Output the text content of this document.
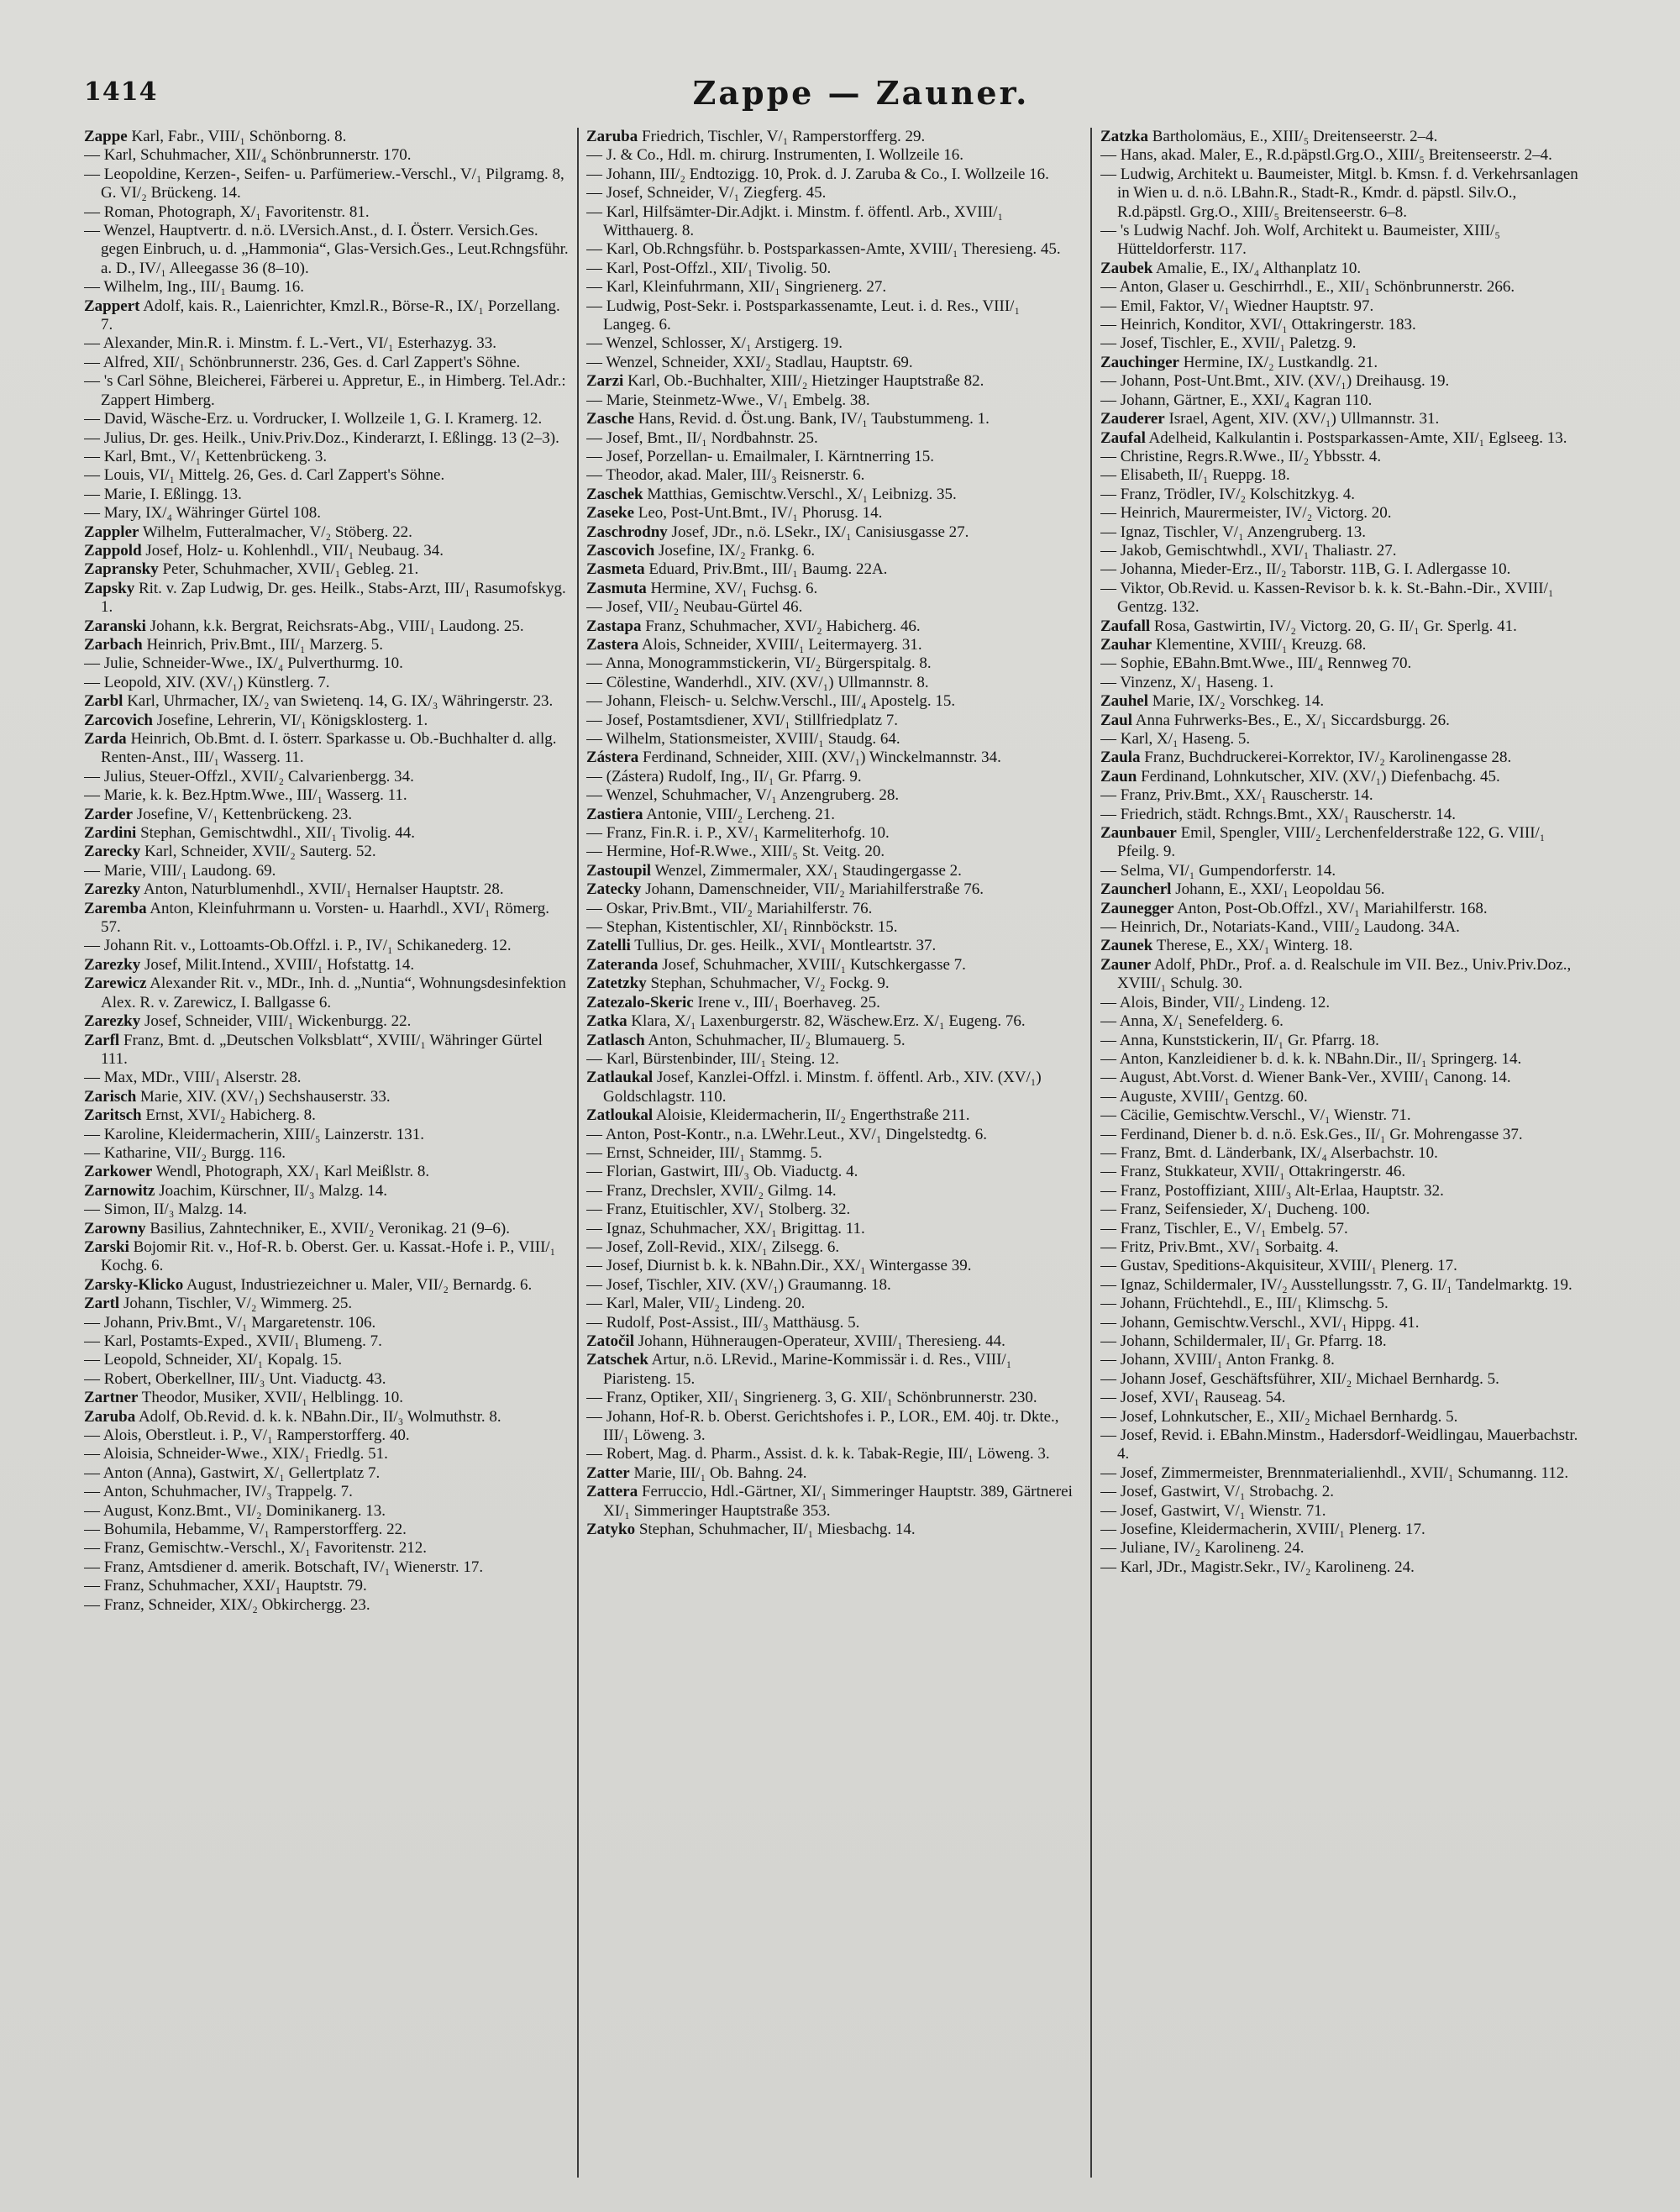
1414	Zappe — Zauner.
Zappe Karl, Fabr., VIII/₁ Schönborng. 8.
— Karl, Schuhmacher, XII/₄ Schönbrunnerstr. 170.
— Leopoldine, Kerzen-, Seifen- u. Parfümeriew.-Verschl., V/₁ Pilgramg. 8, G. VI/₂ Brückeng. 14.
— Roman, Photograph, X/₁ Favoritenstr. 81.
— Wenzel, Hauptvertr. d. n.ö. LVersich.Anst., d. I. Österr. Versich.Ges. gegen Einbruch, u. d. „Hammonia“, Glas-Versich.Ges., Leut.Rchngsführ. a. D., IV/₁ Alleegasse 36 (8–10).
— Wilhelm, Ing., III/₁ Baumg. 16.
Zappert Adolf, kais. R., Laienrichter, Kmzl.R., Börse-R., IX/₁ Porzellang. 7.
— Alexander, Min.R. i. Minstm. f. L.-Vert., VI/₁ Esterhazyg. 33.
— Alfred, XII/₁ Schönbrunnerstr. 236, Ges. d. Carl Zappert's Söhne.
— 's Carl Söhne, Bleicherei, Färberei u. Appretur, E., in Himberg. Tel.Adr.: Zappert Himberg.
— David, Wäsche-Erz. u. Vordrucker, I. Wollzeile 1, G. I. Kramerg. 12.
— Julius, Dr. ges. Heilk., Univ.Priv.Doz., Kinderarzt, I. Eßlingg. 13 (2–3).
— Karl, Bmt., V/₁ Kettenbrückeng. 3.
— Louis, VI/₁ Mittelg. 26, Ges. d. Carl Zappert's Söhne.
— Marie, I. Eßlingg. 13.
— Mary, IX/₄ Währinger Gürtel 108.
Zappler Wilhelm, Futteralmacher, V/₂ Stöberg. 22.
Zappold Josef, Holz- u. Kohlenhdl., VII/₁ Neubaug. 34.
Zapransky Peter, Schuhmacher, XVII/₁ Gebleg. 21.
Zapsky Rit. v. Zap Ludwig, Dr. ges. Heilk., Stabs-Arzt, III/₁ Rasumofskyg. 1.
Zaranski Johann, k.k. Bergrat, Reichsrats-Abg., VIII/₁ Laudong. 25.
Zarbach Heinrich, Priv.Bmt., III/₁ Marzerg. 5.
— Julie, Schneider-Wwe., IX/₄ Pulverthurmg. 10.
— Leopold, XIV. (XV/₁) Künstlerg. 7.
Zarbl Karl, Uhrmacher, IX/₂ van Swietenq. 14, G. IX/₃ Währingerstr. 23.
Zarcovich Josefine, Lehrerin, VI/₁ Königsklosterg. 1.
Zarda Heinrich, Ob.Bmt. d. I. österr. Sparkasse u. Ob.-Buchhalter d. allg. Renten-Anst., III/₁ Wasserg. 11.
— Julius, Steuer-Offzl., XVII/₂ Calvarienbergg. 34.
— Marie, k. k. Bez.Hptm.Wwe., III/₁ Wasserg. 11.
Zarder Josefine, V/₁ Kettenbrückeng. 23.
Zardini Stephan, Gemischtwdhl., XII/₁ Tivolig. 44.
Zarecky Karl, Schneider, XVII/₂ Sauterg. 52.
— Marie, VIII/₁ Laudong. 69.
Zarezky Anton, Naturblumenhdl., XVII/₁ Hernalser Hauptstr. 28.
Zaremba Anton, Kleinfuhrmann u. Vorsten- u. Haarhdl., XVI/₁ Römerg. 57.
— Johann Rit. v., Lottoamts-Ob.Offzl. i. P., IV/₁ Schikanederg. 12.
Zarezky Josef, Milit.Intend., XVIII/₁ Hofstattg. 14.
Zarewicz Alexander Rit. v., MDr., Inh. d. „Nuntia“, Wohnungsdesinfektion Alex. R. v. Zarewicz, I. Ballgasse 6.
Zarezky Josef, Schneider, VIII/₁ Wickenburgg. 22.
Zarfl Franz, Bmt. d. „Deutschen Volksblatt“, XVIII/₁ Währinger Gürtel 111.
— Max, MDr., VIII/₁ Alserstr. 28.
Zarisch Marie, XIV. (XV/₁) Sechshauserstr. 33.
Zaritsch Ernst, XVI/₂ Habicherg. 8.
— Karoline, Kleidermacherin, XIII/₅ Lainzerstr. 131.
— Katharine, VII/₂ Burgg. 116.
Zarkower Wendl, Photograph, XX/₁ Karl Meißlstr. 8.
Zarnowitz Joachim, Kürschner, II/₃ Malzg. 14.
— Simon, II/₃ Malzg. 14.
Zarowny Basilius, Zahntechniker, E., XVII/₂ Veronikag. 21 (9–6).
Zarski Bojomir Rit. v., Hof-R. b. Oberst. Ger. u. Kassat.-Hofe i. P., VIII/₁ Kochg. 6.
Zarsky-Klicko August, Industriezeichner u. Maler, VII/₂ Bernardg. 6.
Zartl Johann, Tischler, V/₂ Wimmerg. 25.
— Johann, Priv.Bmt., V/₁ Margaretenstr. 106.
— Karl, Postamts-Exped., XVII/₁ Blumeng. 7.
— Leopold, Schneider, XI/₁ Kopalg. 15.
— Robert, Oberkellner, III/₃ Unt. Viaductg. 43.
Zartner Theodor, Musiker, XVII/₁ Helblingg. 10.
Zaruba Adolf, Ob.Revid. d. k. k. NBahn.Dir., II/₃ Wolmuthstr. 8.
— Alois, Oberstleut. i. P., V/₁ Ramperstorfferg. 40.
— Aloisia, Schneider-Wwe., XIX/₁ Friedlg. 51.
— Anton (Anna), Gastwirt, X/₁ Gellertplatz 7.
— Anton, Schuhmacher, IV/₃ Trappelg. 7.
— August, Konz.Bmt., VI/₂ Dominikanerg. 13.
— Bohumila, Hebamme, V/₁ Ramperstorfferg. 22.
— Franz, Gemischtw.-Verschl., X/₁ Favoritenstr. 212.
— Franz, Amtsdiener d. amerik. Botschaft, IV/₁ Wienerstr. 17.
— Franz, Schuhmacher, XXI/₁ Hauptstr. 79.
— Franz, Schneider, XIX/₂ Obkirchergg. 23.
Zaruba Friedrich, Tischler, V/₁ Ramperstorfferg. 29.
— J. & Co., Hdl. m. chirurg. Instrumenten, I. Wollzeile 16.
— Johann, III/₂ Endtozigg. 10, Prok. d. J. Zaruba & Co., I. Wollzeile 16.
— Josef, Schneider, V/₁ Ziegferg. 45.
— Karl, Hilfsämter-Dir.Adjkt. i. Minstm. f. öffentl. Arb., XVIII/₁ Witthauerg. 8.
— Karl, Ob.Rchngsführ. b. Postsparkassen-Amte, XVIII/₁ Theresieng. 45.
— Karl, Post-Offzl., XII/₁ Tivolig. 50.
— Karl, Kleinfuhrmann, XII/₁ Singrienerg. 27.
— Ludwig, Post-Sekr. i. Postsparkassenamte, Leut. i. d. Res., VIII/₁ Langeg. 6.
— Wenzel, Schlosser, X/₁ Arstigerg. 19.
— Wenzel, Schneider, XXI/₂ Stadlau, Hauptstr. 69.
Zarzi Karl, Ob.-Buchhalter, XIII/₂ Hietzinger Hauptstraße 82.
— Marie, Steinmetz-Wwe., V/₁ Embelg. 38.
Zasche Hans, Revid. d. Öst.ung. Bank, IV/₁ Taubstummeng. 1.
— Josef, Bmt., II/₁ Nordbahnstr. 25.
— Josef, Porzellan- u. Emailmaler, I. Kärntnerring 15.
— Theodor, akad. Maler, III/₃ Reisnerstr. 6.
Zaschek Matthias, Gemischtw.Verschl., X/₁ Leibnizg. 35.
Zaseke Leo, Post-Unt.Bmt., IV/₁ Phorusg. 14.
Zaschrodny Josef, JDr., n.ö. LSekr., IX/₁ Canisiusgasse 27.
Zascovich Josefine, IX/₂ Frankg. 6.
Zasmeta Eduard, Priv.Bmt., III/₁ Baumg. 22A.
Zasmuta Hermine, XV/₁ Fuchsg. 6.
— Josef, VII/₂ Neubau-Gürtel 46.
Zastapa Franz, Schuhmacher, XVI/₂ Habicherg. 46.
Zastera Alois, Schneider, XVIII/₁ Leitermayerg. 31.
— Anna, Monogrammstickerin, VI/₂ Bürgerspitalg. 8.
— Cölestine, Wanderhdl., XIV. (XV/₁) Ullmannstr. 8.
— Johann, Fleisch- u. Selchw.Verschl., III/₄ Apostelg. 15.
— Josef, Postamtsdiener, XVI/₁ Stillfriedplatz 7.
— Wilhelm, Stationsmeister, XVIII/₁ Staudg. 64.
Zástera Ferdinand, Schneider, XIII. (XV/₁) Winckelmannstr. 34.
— (Zástera) Rudolf, Ing., II/₁ Gr. Pfarrg. 9.
— Wenzel, Schuhmacher, V/₁ Anzengruberg. 28.
Zastiera Antonie, VIII/₂ Lercheng. 21.
— Franz, Fin.R. i. P., XV/₁ Karmeliterhofg. 10.
— Hermine, Hof-R.Wwe., XIII/₅ St. Veitg. 20.
Zastoupil Wenzel, Zimmermaler, XX/₁ Staudingergasse 2.
Zatecky Johann, Damenschneider, VII/₂ Mariahilferstraße 76.
— Oskar, Priv.Bmt., VII/₂ Mariahilferstr. 76.
— Stephan, Kistentischler, XI/₁ Rinnböckstr. 15.
Zatelli Tullius, Dr. ges. Heilk., XVI/₁ Montleartstr. 37.
Zateranda Josef, Schuhmacher, XVIII/₁ Kutschkergasse 7.
Zatetzky Stephan, Schuhmacher, V/₂ Fockg. 9.
Zatezalo-Skeric Irene v., III/₁ Boerhaveg. 25.
Zatka Klara, X/₁ Laxenburgerstr. 82, Wäschew.Erz. X/₁ Eugeng. 76.
Zatlasch Anton, Schuhmacher, II/₂ Blumauerg. 5.
— Karl, Bürstenbinder, III/₁ Steing. 12.
Zatlaukal Josef, Kanzlei-Offzl. i. Minstm. f. öffentl. Arb., XIV. (XV/₁) Goldschlagstr. 110.
Zatloukal Aloisie, Kleidermacherin, II/₂ Engerthstraße 211.
— Anton, Post-Kontr., n.a. LWehr.Leut., XV/₁ Dingelstedtg. 6.
— Ernst, Schneider, III/₁ Stammg. 5.
— Florian, Gastwirt, III/₃ Ob. Viaductg. 4.
— Franz, Drechsler, XVII/₂ Gilmg. 14.
— Franz, Etuitischler, XV/₁ Stolberg. 32.
— Ignaz, Schuhmacher, XX/₁ Brigittag. 11.
— Josef, Zoll-Revid., XIX/₁ Zilsegg. 6.
— Josef, Diurnist b. k. k. NBahn.Dir., XX/₁ Wintergasse 39.
— Josef, Tischler, XIV. (XV/₁) Graumanng. 18.
— Karl, Maler, VII/₂ Lindeng. 20.
— Rudolf, Post-Assist., III/₃ Matthäusg. 5.
Zatočil Johann, Hühneraugen-Operateur, XVIII/₁ Theresieng. 44.
Zatschek Artur, n.ö. LRevid., Marine-Kommissär i. d. Res., VIII/₁ Piaristeng. 15.
— Franz, Optiker, XII/₁ Singrienerg. 3, G. XII/₁ Schönbrunnerstr. 230.
— Johann, Hof-R. b. Oberst. Gerichtshofes i. P., LOR., EM. 40j. tr. Dkte., III/₁ Löweng. 3.
— Robert, Mag. d. Pharm., Assist. d. k. k. Tabak-Regie, III/₁ Löweng. 3.
Zatter Marie, III/₁ Ob. Bahng. 24.
Zattera Ferruccio, Hdl.-Gärtner, XI/₁ Simmeringer Hauptstr. 389, Gärtnerei XI/₁ Simmeringer Hauptstraße 353.
Zatyko Stephan, Schuhmacher, II/₁ Miesbachg. 14.
Zatzka Bartholomäus, E., XIII/₅ Dreitenseerstr. 2–4.
— Hans, akad. Maler, E., R.d.päpstl.Grg.O., XIII/₅ Breitenseerstr. 2–4.
— Ludwig, Architekt u. Baumeister, Mitgl. b. Kmsn. f. d. Verkehrsanlagen in Wien u. d. n.ö. LBahn.R., Stadt-R., Kmdr. d. päpstl. Silv.O., R.d.päpstl. Grg.O., XIII/₅ Breitenseerstr. 6–8.
— 's Ludwig Nachf. Joh. Wolf, Architekt u. Baumeister, XIII/₅ Hütteldorferstr. 117.
Zaubek Amalie, E., IX/₄ Althanplatz 10.
— Anton, Glaser u. Geschirrhdl., E., XII/₁ Schönbrunnerstr. 266.
— Emil, Faktor, V/₁ Wiedner Hauptstr. 97.
— Heinrich, Konditor, XVI/₁ Ottakringerstr. 183.
— Josef, Tischler, E., XVII/₁ Paletzg. 9.
Zauchinger Hermine, IX/₂ Lustkandlg. 21.
— Johann, Post-Unt.Bmt., XIV. (XV/₁) Dreihausg. 19.
— Johann, Gärtner, E., XXI/₄ Kagran 110.
Zauderer Israel, Agent, XIV. (XV/₁) Ullmannstr. 31.
Zaufal Adelheid, Kalkulantin i. Postsparkassen-Amte, XII/₁ Eglseeg. 13.
— Christine, Regrs.R.Wwe., II/₂ Ybbsstr. 4.
— Elisabeth, II/₁ Rueppg. 18.
— Franz, Trödler, IV/₂ Kolschitzkyg. 4.
— Heinrich, Maurermeister, IV/₂ Victorg. 20.
— Ignaz, Tischler, V/₁ Anzengruberg. 13.
— Jakob, Gemischtwhdl., XVI/₁ Thaliastr. 27.
— Johanna, Mieder-Erz., II/₂ Taborstr. 11B, G. I. Adlergasse 10.
— Viktor, Ob.Revid. u. Kassen-Revisor b. k. k. St.-Bahn.-Dir., XVIII/₁ Gentzg. 132.
Zaufall Rosa, Gastwirtin, IV/₂ Victorg. 20, G. II/₁ Gr. Sperlg. 41.
Zauhar Klementine, XVIII/₁ Kreuzg. 68.
— Sophie, EBahn.Bmt.Wwe., III/₄ Rennweg 70.
— Vinzenz, X/₁ Haseng. 1.
Zauhel Marie, IX/₂ Vorschkeg. 14.
Zaul Anna Fuhrwerks-Bes., E., X/₁ Siccardsburgg. 26.
— Karl, X/₁ Haseng. 5.
Zaula Franz, Buchdruckerei-Korrektor, IV/₂ Karolinengasse 28.
Zaun Ferdinand, Lohnkutscher, XIV. (XV/₁) Diefenbachg. 45.
— Franz, Priv.Bmt., XX/₁ Rauscherstr. 14.
— Friedrich, städt. Rchngs.Bmt., XX/₁ Rauscherstr. 14.
Zaunbauer Emil, Spengler, VIII/₂ Lerchenfelderstraße 122, G. VIII/₁ Pfeilg. 9.
— Selma, VI/₁ Gumpendorferstr. 14.
Zauncherl Johann, E., XXI/₁ Leopoldau 56.
Zaunegger Anton, Post-Ob.Offzl., XV/₁ Mariahilferstr. 168.
— Heinrich, Dr., Notariats-Kand., VIII/₂ Laudong. 34A.
Zaunek Therese, E., XX/₁ Winterg. 18.
Zauner Adolf, PhDr., Prof. a. d. Realschule im VII. Bez., Univ.Priv.Doz., XVIII/₁ Schulg. 30.
— Alois, Binder, VII/₂ Lindeng. 12.
— Anna, X/₁ Senefelderg. 6.
— Anna, Kunststickerin, II/₁ Gr. Pfarrg. 18.
— Anton, Kanzleidiener b. d. k. k. NBahn.Dir., II/₁ Springerg. 14.
— August, Abt.Vorst. d. Wiener Bank-Ver., XVIII/₁ Canong. 14.
— Auguste, XVIII/₁ Gentzg. 60.
— Cäcilie, Gemischtw.Verschl., V/₁ Wienstr. 71.
— Ferdinand, Diener b. d. n.ö. Esk.Ges., II/₁ Gr. Mohrengasse 37.
— Franz, Bmt. d. Länderbank, IX/₄ Alserbachstr. 10.
— Franz, Stukkateur, XVII/₁ Ottakringerstr. 46.
— Franz, Postoffiziant, XIII/₃ Alt-Erlaa, Hauptstr. 32.
— Franz, Seifensieder, X/₁ Ducheng. 100.
— Franz, Tischler, E., V/₁ Embelg. 57.
— Fritz, Priv.Bmt., XV/₁ Sorbaitg. 4.
— Gustav, Speditions-Akquisiteur, XVIII/₁ Plenerg. 17.
— Ignaz, Schildermaler, IV/₂ Ausstellungsstr. 7, G. II/₁ Tandelmarktg. 19.
— Johann, Früchtehdl., E., III/₁ Klimschg. 5.
— Johann, Gemischtw.Verschl., XVI/₁ Hippg. 41.
— Johann, Schildermaler, II/₁ Gr. Pfarrg. 18.
— Johann, XVIII/₁ Anton Frankg. 8.
— Johann Josef, Geschäftsführer, XII/₂ Michael Bernhardg. 5.
— Josef, XVI/₁ Rauseag. 54.
— Josef, Lohnkutscher, E., XII/₂ Michael Bernhardg. 5.
— Josef, Revid. i. EBahn.Minstm., Hadersdorf-Weidlingau, Mauerbachstr. 4.
— Josef, Zimmermeister, Brennmaterialienhdl., XVII/₁ Schumanng. 112.
— Josef, Gastwirt, V/₁ Strobachg. 2.
— Josef, Gastwirt, V/₁ Wienstr. 71.
— Josefine, Kleidermacherin, XVIII/₁ Plenerg. 17.
— Juliane, IV/₂ Karolineng. 24.
— Karl, JDr., Magistr.Sekr., IV/₂ Karolineng. 24.
